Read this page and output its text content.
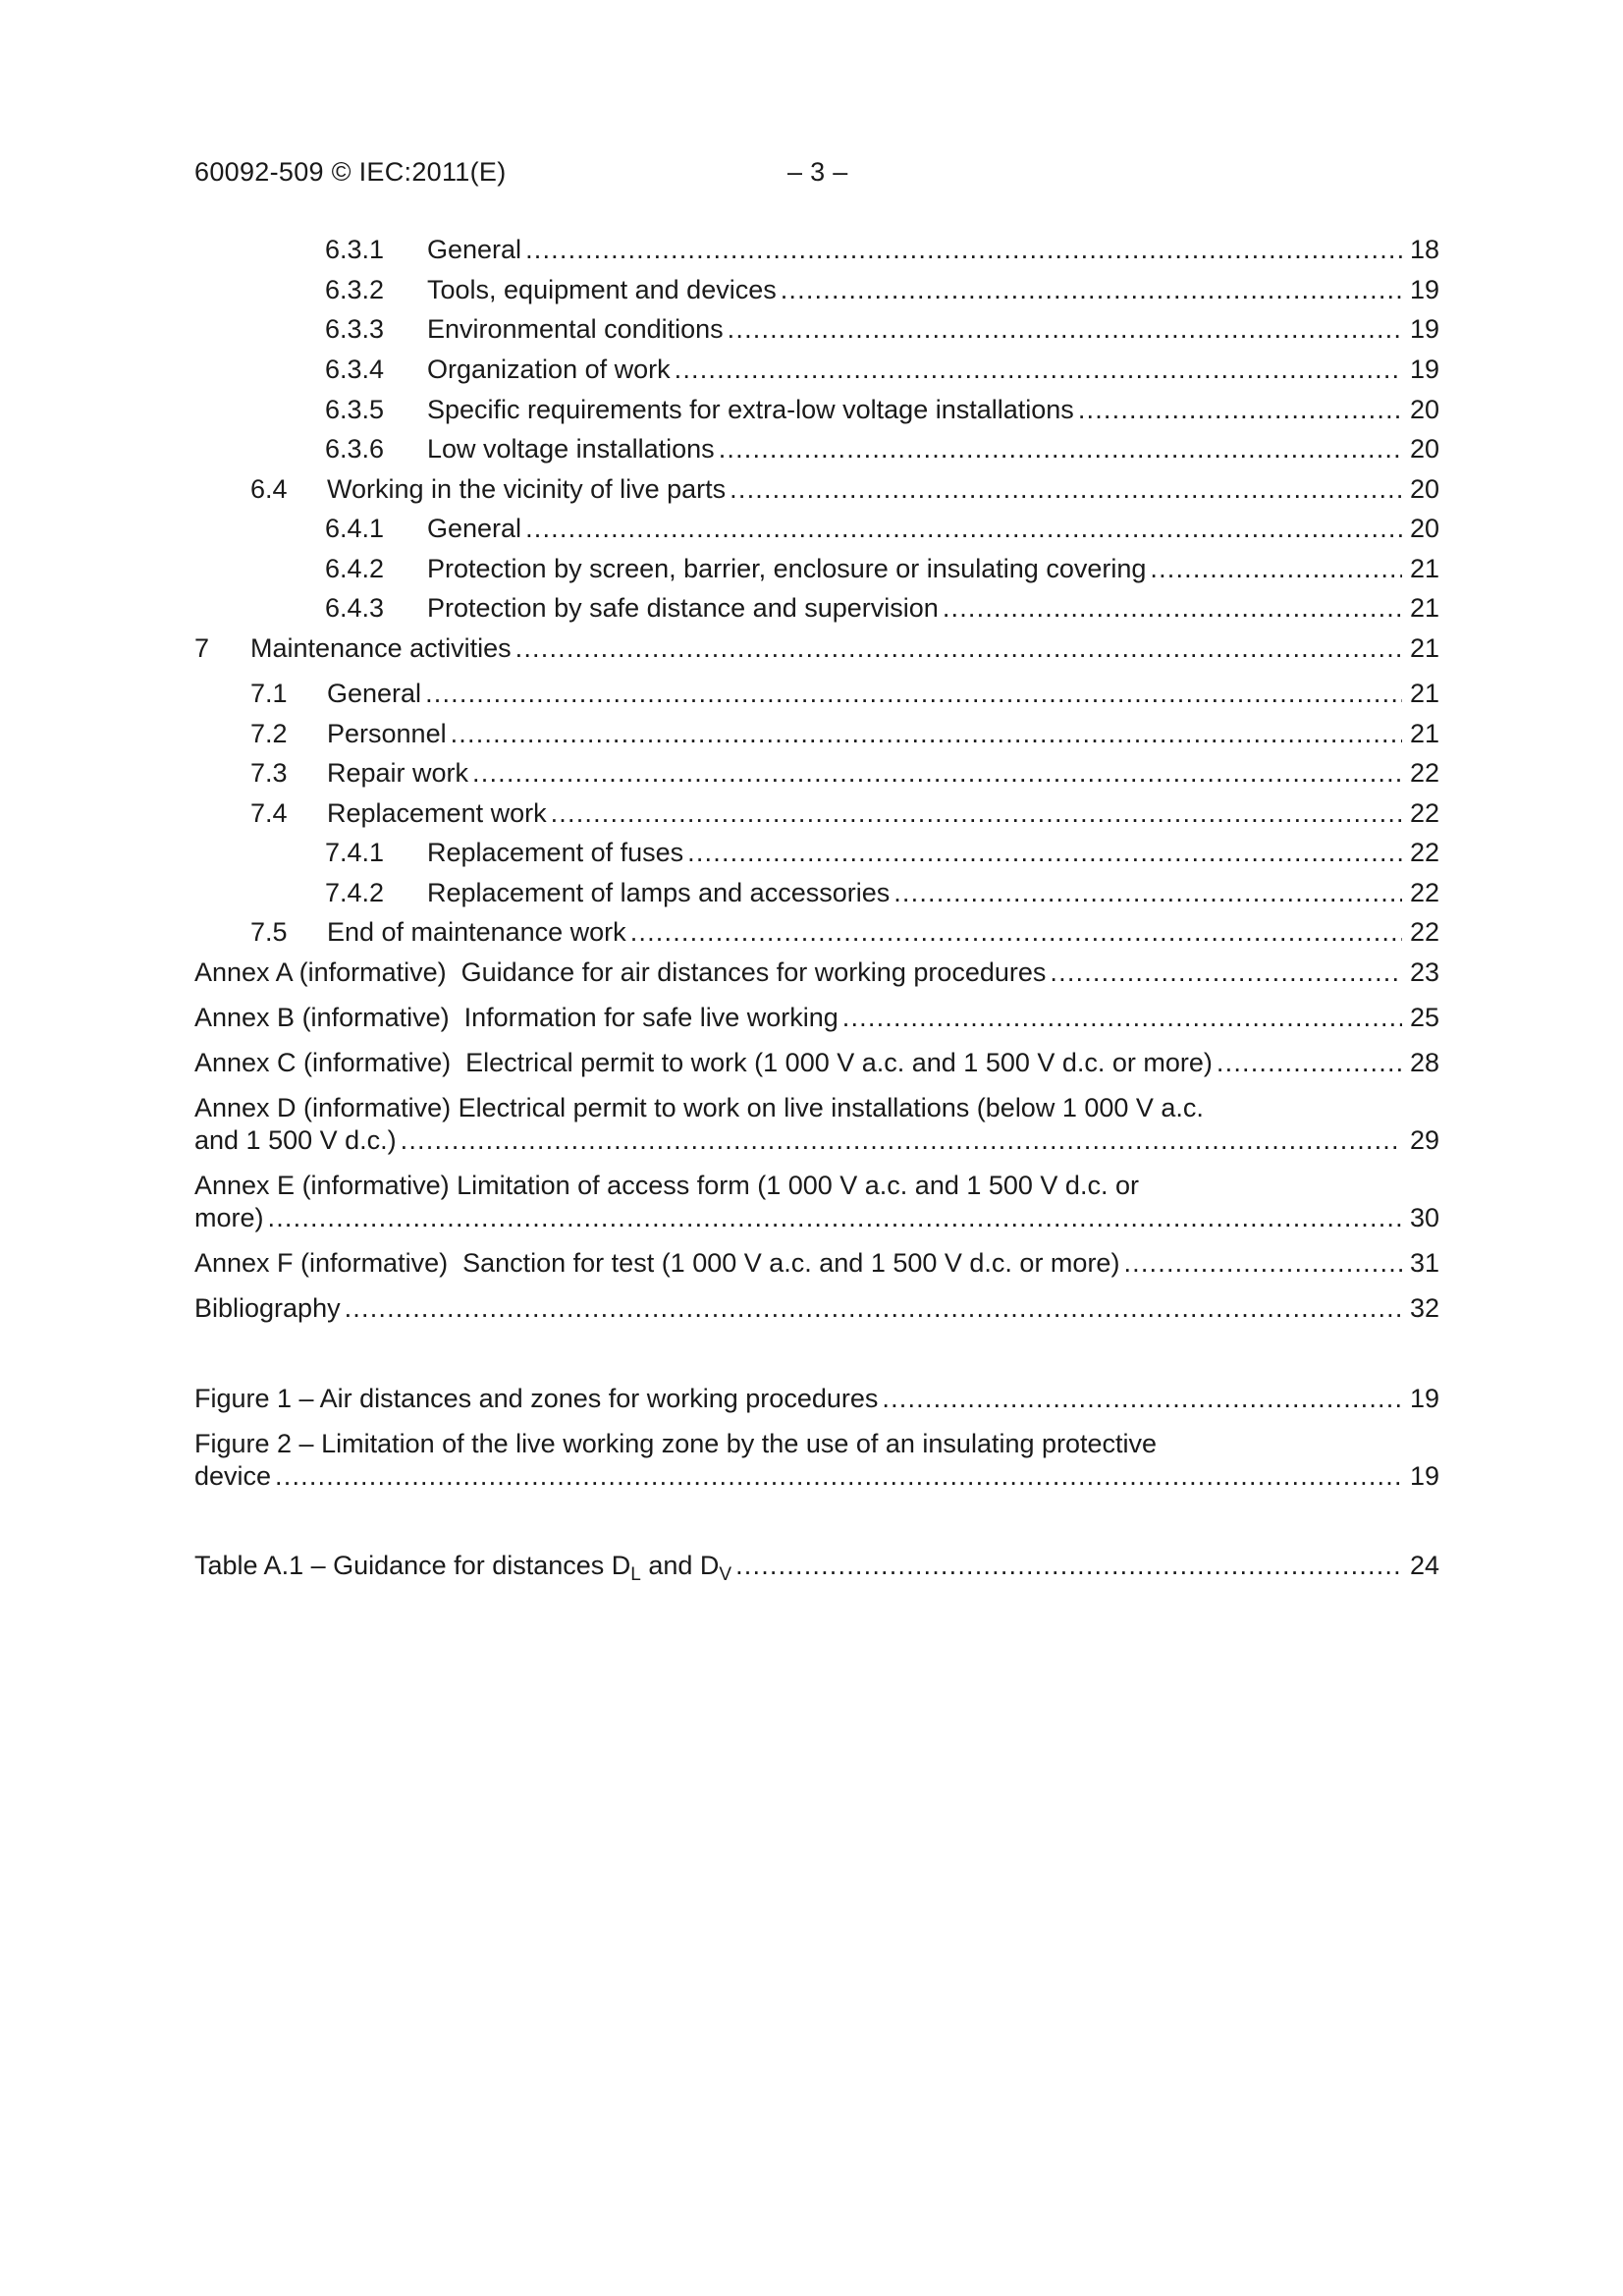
60092-509 © IEC:2011(E)	– 3 –
6.3.1 General .....	18
6.3.2 Tools, equipment and devices .....	19
6.3.3 Environmental conditions .....	19
6.3.4 Organization of work .....	19
6.3.5 Specific requirements for extra-low voltage installations .....	20
6.3.6 Low voltage installations .....	20
6.4 Working in the vicinity of live parts .....	20
6.4.1 General .....	20
6.4.2 Protection by screen, barrier, enclosure or insulating covering .....	21
6.4.3 Protection by safe distance and supervision .....	21
7 Maintenance activities .....	21
7.1 General .....	21
7.2 Personnel .....	21
7.3 Repair work .....	22
7.4 Replacement work .....	22
7.4.1 Replacement of fuses .....	22
7.4.2 Replacement of lamps and accessories .....	22
7.5 End of maintenance work .....	22
Annex A (informative)  Guidance for air distances for working procedures .....	23
Annex B (informative)  Information for safe live working .....	25
Annex C (informative)  Electrical permit to work (1 000 V a.c. and 1 500 V d.c. or more) .....	28
Annex D (informative) Electrical permit to work on live installations (below 1 000 V a.c.
and 1 500 V d.c.) .....	29
Annex E (informative) Limitation of access form (1 000 V a.c. and 1 500 V d.c. or
more) .....	30
Annex F (informative)  Sanction for test (1 000 V a.c. and 1 500 V d.c. or more) .....	31
Bibliography .....	32
Figure 1 – Air distances and zones for working procedures .....	19
Figure 2 – Limitation of the live working zone by the use of an insulating protective
device .....	19
Table A.1 – Guidance for distances $D_L$ and $D_V$ .....	24
